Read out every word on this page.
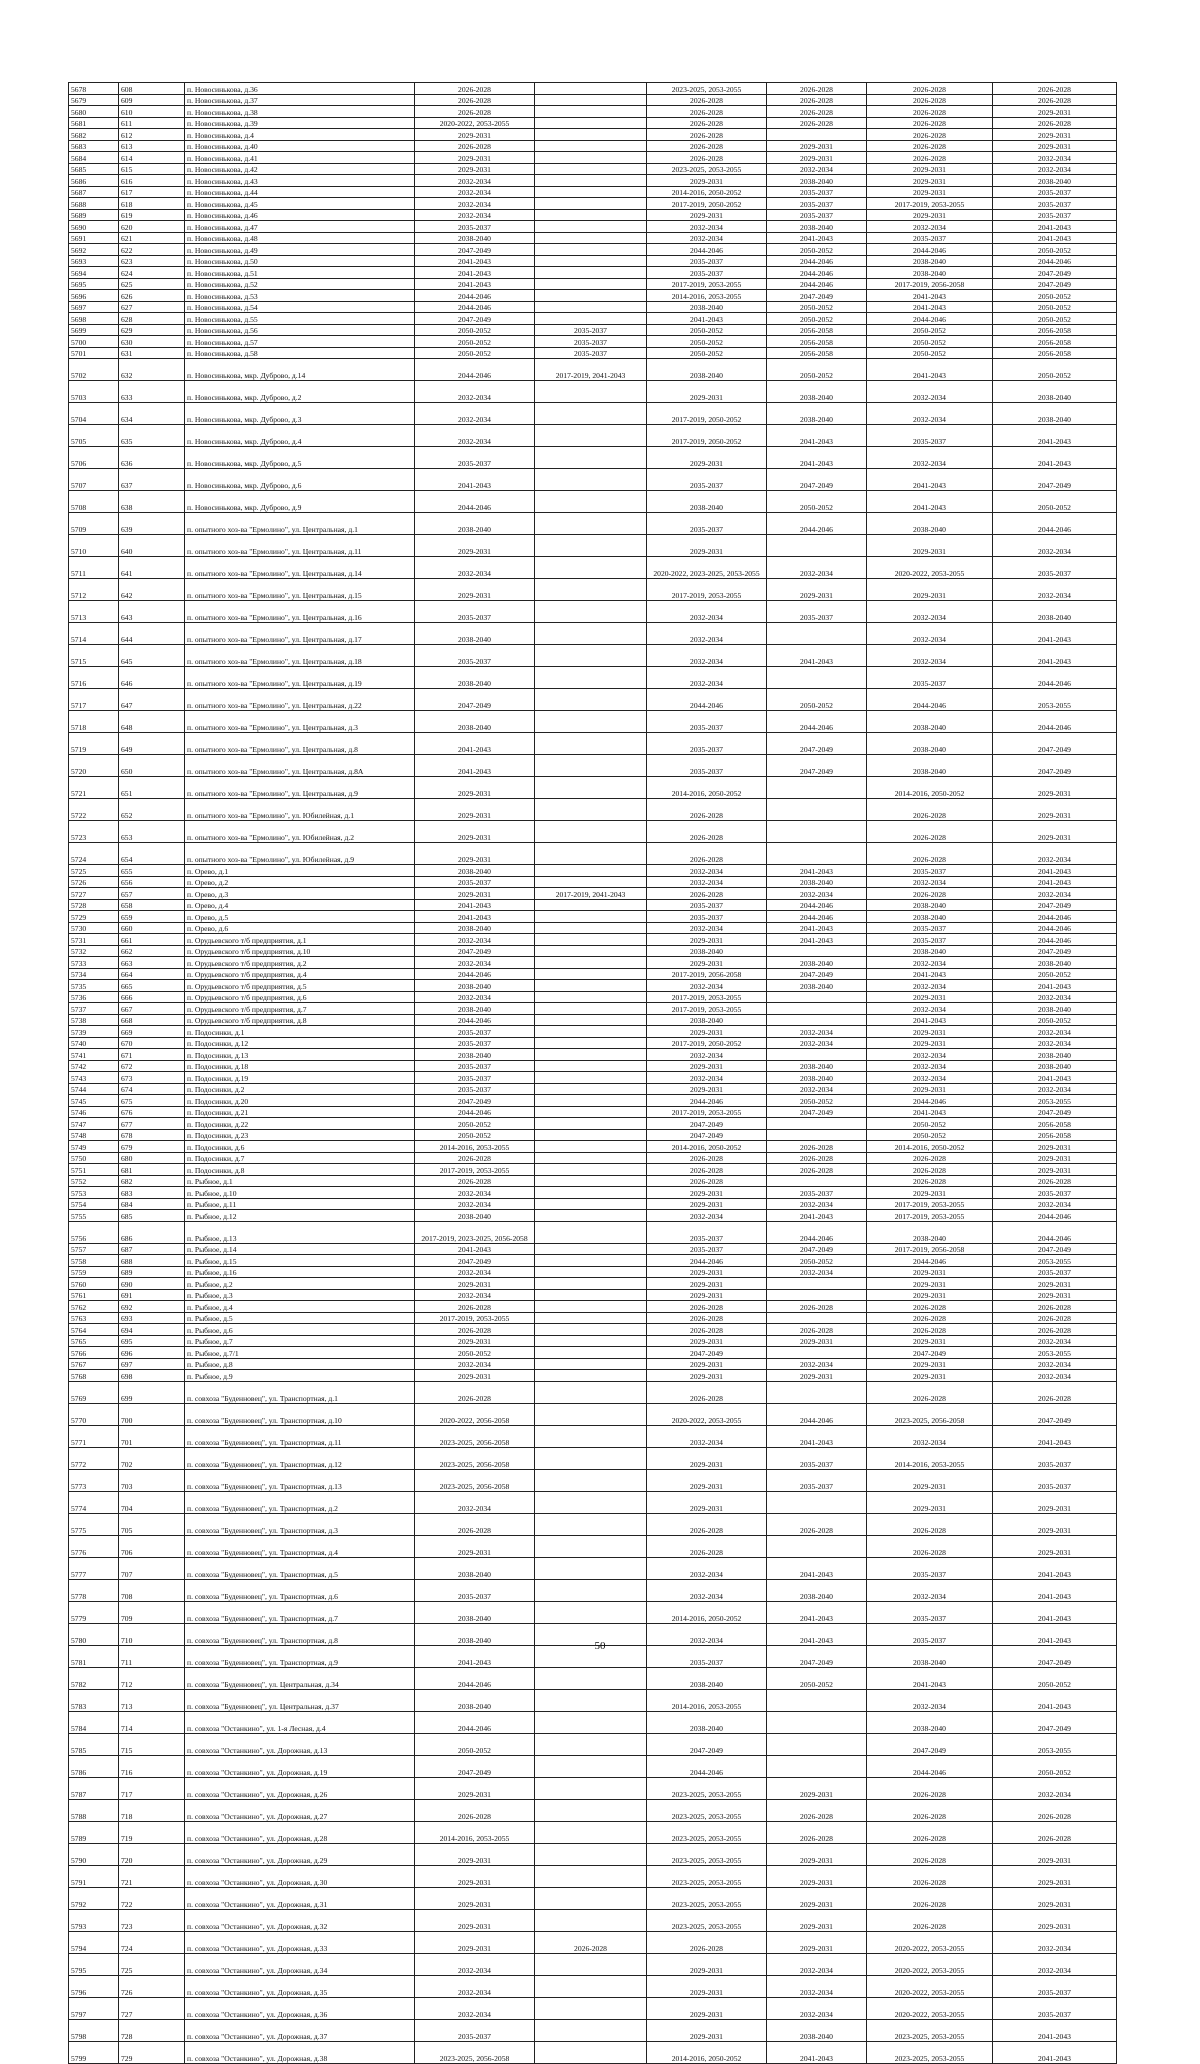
5678	608	п. Новосинькова, д.36	2026-2028		2023-2025, 2053-2055	2026-2028	2026-2028	2026-2028
5679	609	п. Новосинькова, д.37	2026-2028		2026-2028	2026-2028	2026-2028	2026-2028
5680	610	п. Новосинькова, д.38	2026-2028		2026-2028	2026-2028	2026-2028	2029-2031
5681	611	п. Новосинькова, д.39	2020-2022, 2053-2055		2026-2028	2026-2028	2026-2028	2026-2028
5682	612	п. Новосинькова, д.4	2029-2031		2026-2028		2026-2028	2029-2031
5683	613	п. Новосинькова, д.40	2026-2028		2026-2028	2029-2031	2026-2028	2029-2031
5684	614	п. Новосинькова, д.41	2029-2031		2026-2028	2029-2031	2026-2028	2032-2034
5685	615	п. Новосинькова, д.42	2029-2031		2023-2025, 2053-2055	2032-2034	2029-2031	2032-2034
5686	616	п. Новосинькова, д.43	2032-2034		2029-2031	2038-2040	2029-2031	2038-2040
5687	617	п. Новосинькова, д.44	2032-2034		2014-2016, 2050-2052	2035-2037	2029-2031	2035-2037
5688	618	п. Новосинькова, д.45	2032-2034		2017-2019, 2050-2052	2035-2037	2017-2019, 2053-2055	2035-2037
5689	619	п. Новосинькова, д.46	2032-2034		2029-2031	2035-2037	2029-2031	2035-2037
5690	620	п. Новосинькова, д.47	2035-2037		2032-2034	2038-2040	2032-2034	2041-2043
5691	621	п. Новосинькова, д.48	2038-2040		2032-2034	2041-2043	2035-2037	2041-2043
5692	622	п. Новосинькова, д.49	2047-2049		2044-2046	2050-2052	2044-2046	2050-2052
5693	623	п. Новосинькова, д.50	2041-2043		2035-2037	2044-2046	2038-2040	2044-2046
5694	624	п. Новосинькова, д.51	2041-2043		2035-2037	2044-2046	2038-2040	2047-2049
5695	625	п. Новосинькова, д.52	2041-2043		2017-2019, 2053-2055	2044-2046	2017-2019, 2056-2058	2047-2049
5696	626	п. Новосинькова, д.53	2044-2046		2014-2016, 2053-2055	2047-2049	2041-2043	2050-2052
5697	627	п. Новосинькова, д.54	2044-2046		2038-2040	2050-2052	2041-2043	2050-2052
5698	628	п. Новосинькова, д.55	2047-2049		2041-2043	2050-2052	2044-2046	2050-2052
5699	629	п. Новосинькова, д.56	2050-2052	2035-2037	2050-2052	2056-2058	2050-2052	2056-2058
5700	630	п. Новосинькова, д.57	2050-2052	2035-2037	2050-2052	2056-2058	2050-2052	2056-2058
5701	631	п. Новосинькова, д.58	2050-2052	2035-2037	2050-2052	2056-2058	2050-2052	2056-2058
5702	632	п. Новосинькова, мкр. Дуброво, д.14	2044-2046	2017-2019, 2041-2043	2038-2040	2050-2052	2041-2043	2050-2052
5703	633	п. Новосинькова, мкр. Дуброво, д.2	2032-2034		2029-2031	2038-2040	2032-2034	2038-2040
5704	634	п. Новосинькова, мкр. Дуброво, д.3	2032-2034		2017-2019, 2050-2052	2038-2040	2032-2034	2038-2040
5705	635	п. Новосинькова, мкр. Дуброво, д.4	2032-2034		2017-2019, 2050-2052	2041-2043	2035-2037	2041-2043
5706	636	п. Новосинькова, мкр. Дуброво, д.5	2035-2037		2029-2031	2041-2043	2032-2034	2041-2043
5707	637	п. Новосинькова, мкр. Дуброво, д.6	2041-2043		2035-2037	2047-2049	2041-2043	2047-2049
5708	638	п. Новосинькова, мкр. Дуброво, д.9	2044-2046		2038-2040	2050-2052	2041-2043	2050-2052
5709	639	п. опытного хоз-ва "Ермолино", ул. Центральная, д.1	2038-2040		2035-2037	2044-2046	2038-2040	2044-2046
5710	640	п. опытного хоз-ва "Ермолино", ул. Центральная, д.11	2029-2031		2029-2031		2029-2031	2032-2034
5711	641	п. опытного хоз-ва "Ермолино", ул. Центральная, д.14	2032-2034		2020-2022, 2023-2025, 2053-2055	2032-2034	2020-2022, 2053-2055	2035-2037
5712	642	п. опытного хоз-ва "Ермолино", ул. Центральная, д.15	2029-2031		2017-2019, 2053-2055	2029-2031	2029-2031	2032-2034
5713	643	п. опытного хоз-ва "Ермолино", ул. Центральная, д.16	2035-2037		2032-2034	2035-2037	2032-2034	2038-2040
5714	644	п. опытного хоз-ва "Ермолино", ул. Центральная, д.17	2038-2040		2032-2034		2032-2034	2041-2043
5715	645	п. опытного хоз-ва "Ермолино", ул. Центральная, д.18	2035-2037		2032-2034	2041-2043	2032-2034	2041-2043
5716	646	п. опытного хоз-ва "Ермолино", ул. Центральная, д.19	2038-2040		2032-2034		2035-2037	2044-2046
5717	647	п. опытного хоз-ва "Ермолино", ул. Центральная, д.22	2047-2049		2044-2046	2050-2052	2044-2046	2053-2055
5718	648	п. опытного хоз-ва "Ермолино", ул. Центральная, д.3	2038-2040		2035-2037	2044-2046	2038-2040	2044-2046
5719	649	п. опытного хоз-ва "Ермолино", ул. Центральная, д.8	2041-2043		2035-2037	2047-2049	2038-2040	2047-2049
5720	650	п. опытного хоз-ва "Ермолино", ул. Центральная, д.8А	2041-2043		2035-2037	2047-2049	2038-2040	2047-2049
5721	651	п. опытного хоз-ва "Ермолино", ул. Центральная, д.9	2029-2031		2014-2016, 2050-2052		2014-2016, 2050-2052	2029-2031
5722	652	п. опытного хоз-ва "Ермолино", ул. Юбилейная, д.1	2029-2031		2026-2028		2026-2028	2029-2031
5723	653	п. опытного хоз-ва "Ермолино", ул. Юбилейная, д.2	2029-2031		2026-2028		2026-2028	2029-2031
5724	654	п. опытного хоз-ва "Ермолино", ул. Юбилейная, д.9	2029-2031		2026-2028		2026-2028	2032-2034
5725	655	п. Орево, д.1	2038-2040		2032-2034	2041-2043	2035-2037	2041-2043
5726	656	п. Орево, д.2	2035-2037		2032-2034	2038-2040	2032-2034	2041-2043
5727	657	п. Орево, д.3	2029-2031	2017-2019, 2041-2043	2026-2028	2032-2034	2026-2028	2032-2034
5728	658	п. Орево, д.4	2041-2043		2035-2037	2044-2046	2038-2040	2047-2049
5729	659	п. Орево, д.5	2041-2043		2035-2037	2044-2046	2038-2040	2044-2046
5730	660	п. Орево, д.6	2038-2040		2032-2034	2041-2043	2035-2037	2044-2046
5731	661	п. Орудьевского т/б предприятия, д.1	2032-2034		2029-2031	2041-2043	2035-2037	2044-2046
5732	662	п. Орудьевского т/б предприятия, д.10	2047-2049		2038-2040		2038-2040	2047-2049
5733	663	п. Орудьевского т/б предприятия, д.2	2032-2034		2029-2031	2038-2040	2032-2034	2038-2040
5734	664	п. Орудьевского т/б предприятия, д.4	2044-2046		2017-2019, 2056-2058	2047-2049	2041-2043	2050-2052
5735	665	п. Орудьевского т/б предприятия, д.5	2038-2040		2032-2034	2038-2040	2032-2034	2041-2043
5736	666	п. Орудьевского т/б предприятия, д.6	2032-2034		2017-2019, 2053-2055		2029-2031	2032-2034
5737	667	п. Орудьевского т/б предприятия, д.7	2038-2040		2017-2019, 2053-2055		2032-2034	2038-2040
5738	668	п. Орудьевского т/б предприятия, д.8	2044-2046		2038-2040		2041-2043	2050-2052
5739	669	п. Подосинки, д.1	2035-2037		2029-2031	2032-2034	2029-2031	2032-2034
5740	670	п. Подосинки, д.12	2035-2037		2017-2019, 2050-2052	2032-2034	2029-2031	2032-2034
5741	671	п. Подосинки, д.13	2038-2040		2032-2034		2032-2034	2038-2040
5742	672	п. Подосинки, д.18	2035-2037		2029-2031	2038-2040	2032-2034	2038-2040
5743	673	п. Подосинки, д.19	2035-2037		2032-2034	2038-2040	2032-2034	2041-2043
5744	674	п. Подосинки, д.2	2035-2037		2029-2031	2032-2034	2029-2031	2032-2034
5745	675	п. Подосинки, д.20	2047-2049		2044-2046	2050-2052	2044-2046	2053-2055
5746	676	п. Подосинки, д.21	2044-2046		2017-2019, 2053-2055	2047-2049	2041-2043	2047-2049
5747	677	п. Подосинки, д.22	2050-2052		2047-2049		2050-2052	2056-2058
5748	678	п. Подосинки, д.23	2050-2052		2047-2049		2050-2052	2056-2058
5749	679	п. Подосинки, д.6	2014-2016, 2053-2055		2014-2016, 2050-2052	2026-2028	2014-2016, 2050-2052	2029-2031
5750	680	п. Подосинки, д.7	2026-2028		2026-2028	2026-2028	2026-2028	2029-2031
5751	681	п. Подосинки, д.8	2017-2019, 2053-2055		2026-2028	2026-2028	2026-2028	2029-2031
5752	682	п. Рыбное, д.1	2026-2028		2026-2028		2026-2028	2026-2028
5753	683	п. Рыбное, д.10	2032-2034		2029-2031	2035-2037	2029-2031	2035-2037
5754	684	п. Рыбное, д.11	2032-2034		2029-2031	2032-2034	2017-2019, 2053-2055	2032-2034
5755	685	п. Рыбное, д.12	2038-2040		2032-2034	2041-2043	2017-2019, 2053-2055	2044-2046
5756	686	п. Рыбное, д.13	2017-2019, 2023-2025, 2056-2058		2035-2037	2044-2046	2038-2040	2044-2046
5757	687	п. Рыбное, д.14	2041-2043		2035-2037	2047-2049	2017-2019, 2056-2058	2047-2049
5758	688	п. Рыбное, д.15	2047-2049		2044-2046	2050-2052	2044-2046	2053-2055
5759	689	п. Рыбное, д.16	2032-2034		2029-2031	2032-2034	2029-2031	2035-2037
5760	690	п. Рыбное, д.2	2029-2031		2029-2031		2029-2031	2029-2031
5761	691	п. Рыбное, д.3	2032-2034		2029-2031		2029-2031	2029-2031
5762	692	п. Рыбное, д.4	2026-2028		2026-2028	2026-2028	2026-2028	2026-2028
5763	693	п. Рыбное, д.5	2017-2019, 2053-2055		2026-2028		2026-2028	2026-2028
5764	694	п. Рыбное, д.6	2026-2028		2026-2028	2026-2028	2026-2028	2026-2028
5765	695	п. Рыбное, д.7	2029-2031		2029-2031	2029-2031	2029-2031	2032-2034
5766	696	п. Рыбное, д.7/1	2050-2052		2047-2049		2047-2049	2053-2055
5767	697	п. Рыбное, д.8	2032-2034		2029-2031	2032-2034	2029-2031	2032-2034
5768	698	п. Рыбное, д.9	2029-2031		2029-2031	2029-2031	2029-2031	2032-2034
5769	699	п. совхоза "Буденновец", ул. Транспортная, д.1	2026-2028		2026-2028		2026-2028	2026-2028
5770	700	п. совхоза "Буденновец", ул. Транспортная, д.10	2020-2022, 2056-2058		2020-2022, 2053-2055	2044-2046	2023-2025, 2056-2058	2047-2049
5771	701	п. совхоза "Буденновец", ул. Транспортная, д.11	2023-2025, 2056-2058		2032-2034	2041-2043	2032-2034	2041-2043
5772	702	п. совхоза "Буденновец", ул. Транспортная, д.12	2023-2025, 2056-2058		2029-2031	2035-2037	2014-2016, 2053-2055	2035-2037
5773	703	п. совхоза "Буденновец", ул. Транспортная, д.13	2023-2025, 2056-2058		2029-2031	2035-2037	2029-2031	2035-2037
5774	704	п. совхоза "Буденновец", ул. Транспортная, д.2	2032-2034		2029-2031		2029-2031	2029-2031
5775	705	п. совхоза "Буденновец", ул. Транспортная, д.3	2026-2028		2026-2028	2026-2028	2026-2028	2029-2031
5776	706	п. совхоза "Буденновец", ул. Транспортная, д.4	2029-2031		2026-2028		2026-2028	2029-2031
5777	707	п. совхоза "Буденновец", ул. Транспортная, д.5	2038-2040		2032-2034	2041-2043	2035-2037	2041-2043
5778	708	п. совхоза "Буденновец", ул. Транспортная, д.6	2035-2037		2032-2034	2038-2040	2032-2034	2041-2043
5779	709	п. совхоза "Буденновец", ул. Транспортная, д.7	2038-2040		2014-2016, 2050-2052	2041-2043	2035-2037	2041-2043
5780	710	п. совхоза "Буденновец", ул. Транспортная, д.8	2038-2040		2032-2034	2041-2043	2035-2037	2041-2043
5781	711	п. совхоза "Буденновец", ул. Транспортная, д.9	2041-2043		2035-2037	2047-2049	2038-2040	2047-2049
5782	712	п. совхоза "Буденновец", ул. Центральная, д.34	2044-2046		2038-2040	2050-2052	2041-2043	2050-2052
5783	713	п. совхоза "Буденновец", ул. Центральная, д.37	2038-2040		2014-2016, 2053-2055		2032-2034	2041-2043
5784	714	п. совхоза "Останкино", ул. 1-я Лесная, д.4	2044-2046		2038-2040		2038-2040	2047-2049
5785	715	п. совхоза "Останкино", ул. Дорожная, д.13	2050-2052		2047-2049		2047-2049	2053-2055
5786	716	п. совхоза "Останкино", ул. Дорожная, д.19	2047-2049		2044-2046		2044-2046	2050-2052
5787	717	п. совхоза "Останкино", ул. Дорожная, д.26	2029-2031		2023-2025, 2053-2055	2029-2031	2026-2028	2032-2034
5788	718	п. совхоза "Останкино", ул. Дорожная, д.27	2026-2028		2023-2025, 2053-2055	2026-2028	2026-2028	2026-2028
5789	719	п. совхоза "Останкино", ул. Дорожная, д.28	2014-2016, 2053-2055		2023-2025, 2053-2055	2026-2028	2026-2028	2026-2028
5790	720	п. совхоза "Останкино", ул. Дорожная, д.29	2029-2031		2023-2025, 2053-2055	2029-2031	2026-2028	2029-2031
5791	721	п. совхоза "Останкино", ул. Дорожная, д.30	2029-2031		2023-2025, 2053-2055	2029-2031	2026-2028	2029-2031
5792	722	п. совхоза "Останкино", ул. Дорожная, д.31	2029-2031		2023-2025, 2053-2055	2029-2031	2026-2028	2029-2031
5793	723	п. совхоза "Останкино", ул. Дорожная, д.32	2029-2031		2023-2025, 2053-2055	2029-2031	2026-2028	2029-2031
5794	724	п. совхоза "Останкино", ул. Дорожная, д.33	2029-2031	2026-2028	2026-2028	2029-2031	2020-2022, 2053-2055	2032-2034
5795	725	п. совхоза "Останкино", ул. Дорожная, д.34	2032-2034		2029-2031	2032-2034	2020-2022, 2053-2055	2032-2034
5796	726	п. совхоза "Останкино", ул. Дорожная, д.35	2032-2034		2029-2031	2032-2034	2020-2022, 2053-2055	2035-2037
5797	727	п. совхоза "Останкино", ул. Дорожная, д.36	2032-2034		2029-2031	2032-2034	2020-2022, 2053-2055	2035-2037
5798	728	п. совхоза "Останкино", ул. Дорожная, д.37	2035-2037		2029-2031	2038-2040	2023-2025, 2053-2055	2041-2043
5799	729	п. совхоза "Останкино", ул. Дорожная, д.38	2023-2025, 2056-2058		2014-2016, 2050-2052	2041-2043	2023-2025, 2053-2055	2041-2043
50
